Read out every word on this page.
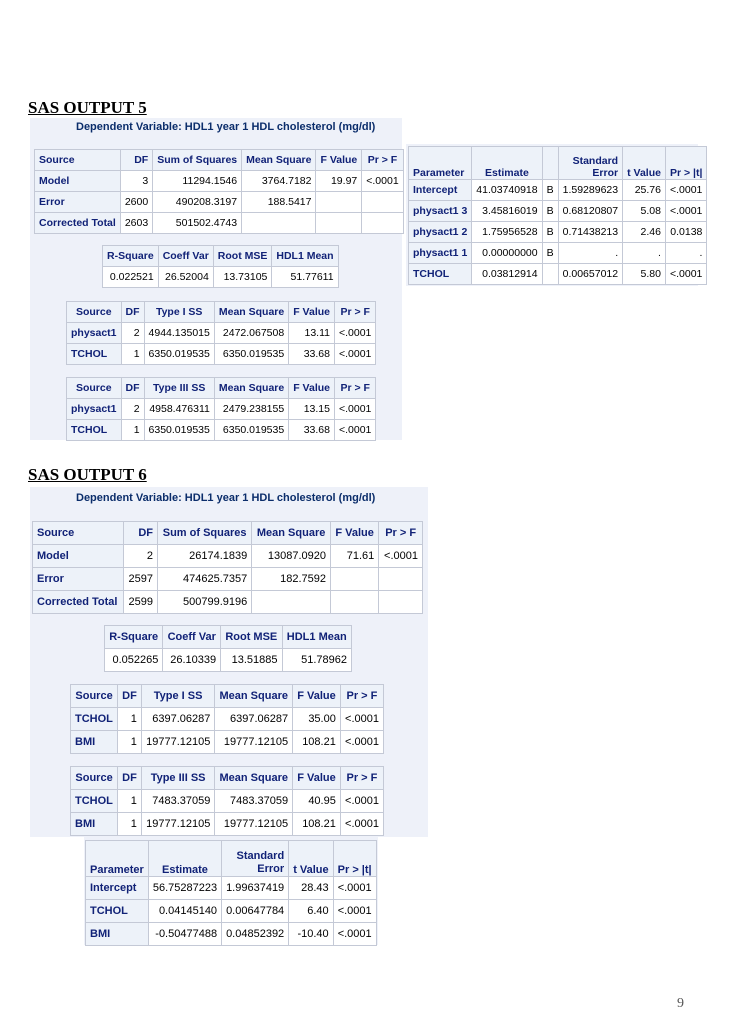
SAS OUTPUT 5
Dependent Variable: HDL1 year 1 HDL cholesterol (mg/dl)
Source	DF	Sum of Squares	Mean Square	F Value	Pr > F
Model	3	11294.1546	3764.7182	19.97	<.0001
Error	2600	490208.3197	188.5417		
Corrected Total	2603	501502.4743			
R-Square	Coeff Var	Root MSE	HDL1 Mean
0.022521	26.52004	13.73105	51.77611
Source	DF	Type I SS	Mean Square	F Value	Pr > F
physact1	2	4944.135015	2472.067508	13.11	<.0001
TCHOL	1	6350.019535	6350.019535	33.68	<.0001
Source	DF	Type III SS	Mean Square	F Value	Pr > F
physact1	2	4958.476311	2479.238155	13.15	<.0001
TCHOL	1	6350.019535	6350.019535	33.68	<.0001
Parameter	Estimate		Standard Error	t Value	Pr > |t|
Intercept	41.03740918	B	1.59289623	25.76	<.0001
physact1 3	3.45816019	B	0.68120807	5.08	<.0001
physact1 2	1.75956528	B	0.71438213	2.46	0.0138
physact1 1	0.00000000	B	.	.	.
TCHOL	0.03812914		0.00657012	5.80	<.0001
SAS OUTPUT 6
Dependent Variable: HDL1 year 1 HDL cholesterol (mg/dl)
Source	DF	Sum of Squares	Mean Square	F Value	Pr > F
Model	2	26174.1839	13087.0920	71.61	<.0001
Error	2597	474625.7357	182.7592		
Corrected Total	2599	500799.9196			
R-Square	Coeff Var	Root MSE	HDL1 Mean
0.052265	26.10339	13.51885	51.78962
Source	DF	Type I SS	Mean Square	F Value	Pr > F
TCHOL	1	6397.06287	6397.06287	35.00	<.0001
BMI	1	19777.12105	19777.12105	108.21	<.0001
Source	DF	Type III SS	Mean Square	F Value	Pr > F
TCHOL	1	7483.37059	7483.37059	40.95	<.0001
BMI	1	19777.12105	19777.12105	108.21	<.0001
Parameter	Estimate	Standard Error	t Value	Pr > |t|
Intercept	56.75287223	1.99637419	28.43	<.0001
TCHOL	0.04145140	0.00647784	6.40	<.0001
BMI	-0.50477488	0.04852392	-10.40	<.0001
9
